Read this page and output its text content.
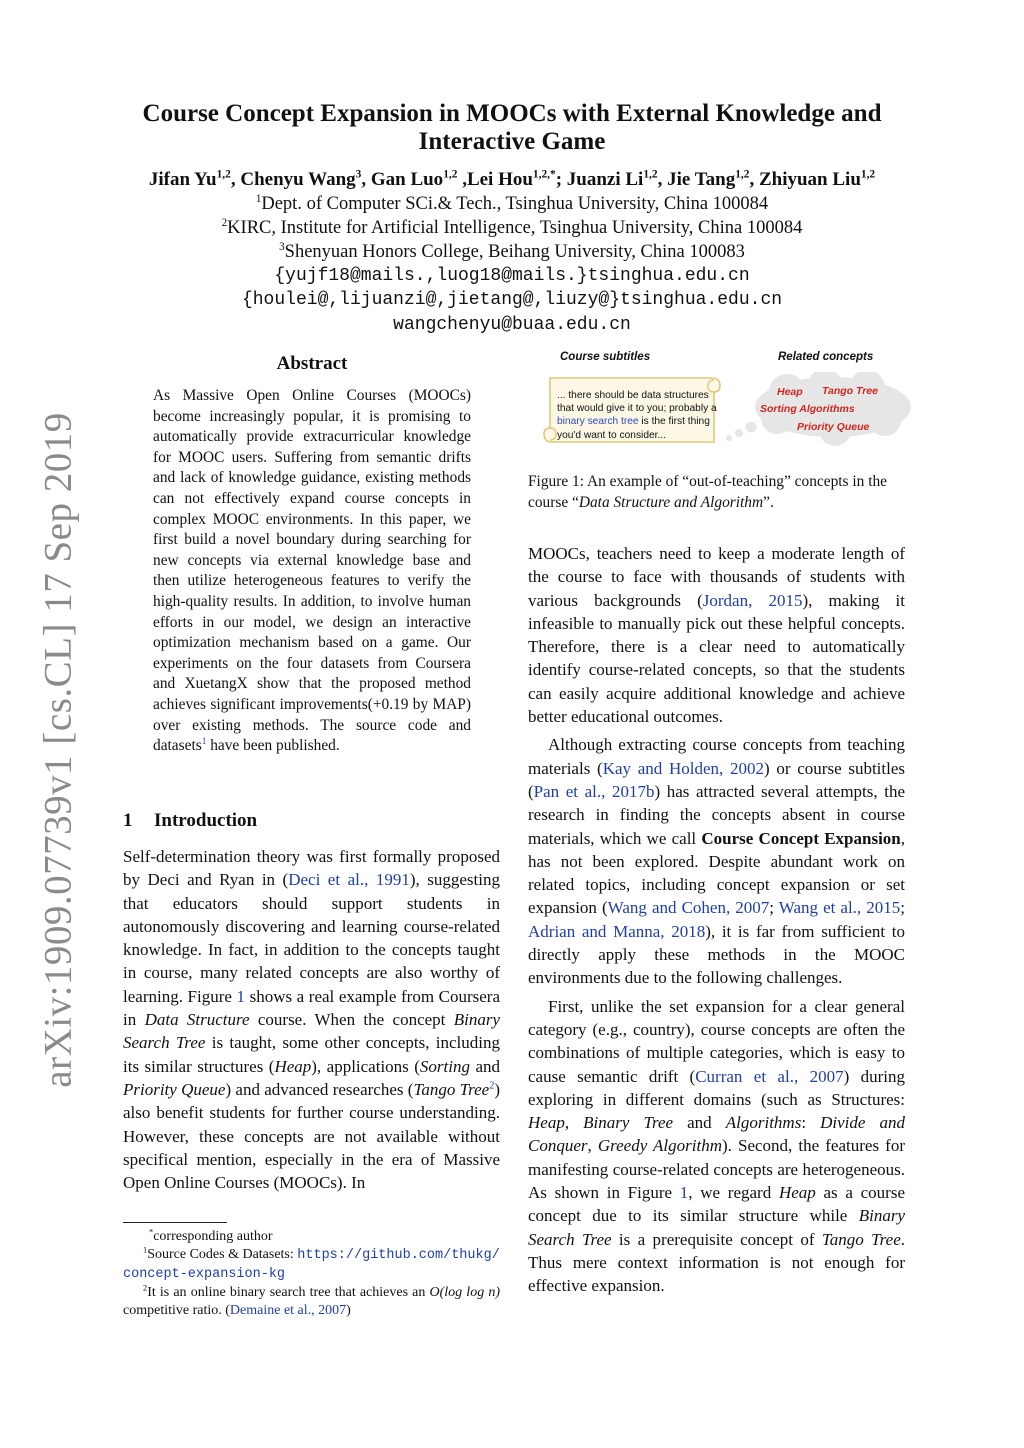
arXiv:1909.07739v1 [cs.CL] 17 Sep 2019
Course Concept Expansion in MOOCs with External Knowledge and
Interactive Game
Jifan Yu$^{1,2}$, Chenyu Wang$^3$, Gan Luo$^{1,2}$ ,Lei Hou$^{1,2,*}$; Juanzi Li$^{1,2}$, Jie Tang$^{1,2}$, Zhiyuan Liu$^{1,2}$
$^1$Dept. of Computer SCi.& Tech., Tsinghua University, China 100084
$^2$KIRC, Institute for Artificial Intelligence, Tsinghua University, China 100084
$^3$Shenyuan Honors College, Beihang University, China 100083
{yujf18@mails.,luog18@mails.}tsinghua.edu.cn
{houlei@,lijuanzi@,jietang@,liuzy@}tsinghua.edu.cn
wangchenyu@buaa.edu.cn
Abstract
As Massive Open Online Courses (MOOCs) become increasingly popular, it is promising to automatically provide extracurricular knowledge for MOOC users. Suffering from semantic drifts and lack of knowledge guidance, existing methods can not effectively expand course concepts in complex MOOC environments. In this paper, we first build a novel boundary during searching for new concepts via external knowledge base and then utilize heterogeneous features to verify the high-quality results. In addition, to involve human efforts in our model, we design an interactive optimization mechanism based on a game. Our experiments on the four datasets from Coursera and XuetangX show that the proposed method achieves significant improvements(+0.19 by MAP) over existing methods. The source code and datasets$^1$ have been published.
1 Introduction

Self-determination theory was first formally proposed by Deci and Ryan in (Deci et al., 1991), suggesting that educators should support students in autonomously discovering and learning course-related knowledge. In fact, in addition to the concepts taught in course, many related concepts are also worthy of learning. Figure 1 shows a real example from Coursera in Data Structure course. When the concept Binary Search Tree is taught, some other concepts, including its similar structures (Heap), applications (Sorting and Priority Queue) and advanced researches (Tango Tree$^2$) also benefit students for further course understanding. However, these concepts are not available without specifical mention, especially in the era of Massive Open Online Courses (MOOCs). In

*corresponding author

$^1$Source Codes & Datasets: https://github.com/thukg/concept-expansion-kg

$^2$It is an online binary search tree that achieves an O(log log n) competitive ratio. (Demaine et al., 2007)

Course subtitles	Related concepts
... there should be data structures that would give it to you; probably a binary search tree is the first thing you'd want to consider...
Heap Tango Tree
Sorting Algorithms
Priority Queue
Figure 1: An example of “out-of-teaching” concepts in the course “Data Structure and Algorithm”.

MOOCs, teachers need to keep a moderate length of the course to face with thousands of students with various backgrounds (Jordan, 2015), making it infeasible to manually pick out these helpful concepts. Therefore, there is a clear need to automatically identify course-related concepts, so that the students can easily acquire additional knowledge and achieve better educational outcomes.

Although extracting course concepts from teaching materials (Kay and Holden, 2002) or course subtitles (Pan et al., 2017b) has attracted several attempts, the research in finding the concepts absent in course materials, which we call Course Concept Expansion, has not been explored. Despite abundant work on related topics, including concept expansion or set expansion (Wang and Cohen, 2007; Wang et al., 2015; Adrian and Manna, 2018), it is far from sufficient to directly apply these methods in the MOOC environments due to the following challenges.

First, unlike the set expansion for a clear general category (e.g., country), course concepts are often the combinations of multiple categories, which is easy to cause semantic drift (Curran et al., 2007) during exploring in different domains (such as Structures: Heap, Binary Tree and Algorithms: Divide and Conquer, Greedy Algorithm). Second, the features for manifesting course-related concepts are heterogeneous. As shown in Figure 1, we regard Heap as a course concept due to its similar structure while Binary Search Tree is a prerequisite concept of Tango Tree. Thus mere context information is not enough for effective expansion.
